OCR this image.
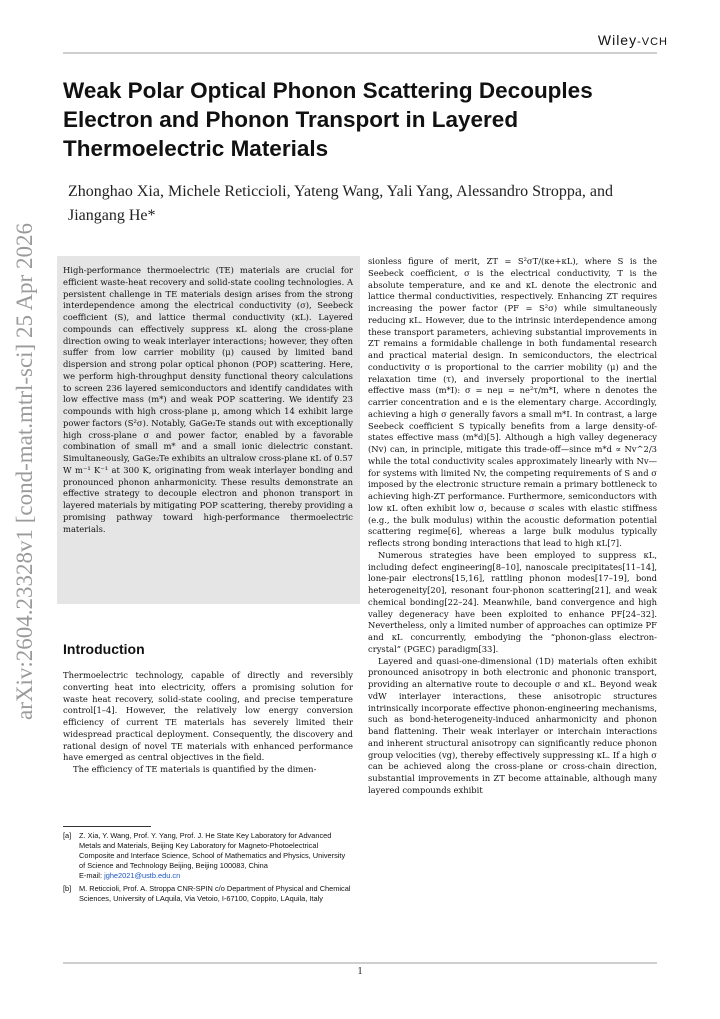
Wiley-VCH
arXiv:2604.23328v1 [cond-mat.mtrl-sci] 25 Apr 2026
Weak Polar Optical Phonon Scattering Decouples Electron and Phonon Transport in Layered Thermoelectric Materials
Zhonghao Xia, Michele Reticcioli, Yateng Wang, Yali Yang, Alessandro Stroppa, and Jiangang He*
High-performance thermoelectric (TE) materials are crucial for efficient waste-heat recovery and solid-state cooling technologies. A persistent challenge in TE materials design arises from the strong interdependence among the electrical conductivity (σ), Seebeck coefficient (S), and lattice thermal conductivity (κL). Layered compounds can effectively suppress κL along the cross-plane direction owing to weak interlayer interactions; however, they often suffer from low carrier mobility (μ) caused by limited band dispersion and strong polar optical phonon (POP) scattering. Here, we perform high-throughput density functional theory calculations to screen 236 layered semiconductors and identify candidates with low effective mass (m*) and weak POP scattering. We identify 23 compounds with high cross-plane μ, among which 14 exhibit large power factors (S²σ). Notably, GaGe₂Te stands out with exceptionally high cross-plane σ and power factor, enabled by a favorable combination of small m* and a small ionic dielectric constant. Simultaneously, GaGe₂Te exhibits an ultralow cross-plane κL of 0.57 W m⁻¹ K⁻¹ at 300 K, originating from weak interlayer bonding and pronounced phonon anharmonicity. These results demonstrate an effective strategy to decouple electron and phonon transport in layered materials by mitigating POP scattering, thereby providing a promising pathway toward high-performance thermoelectric materials.
Introduction

Thermoelectric technology, capable of directly and reversibly converting heat into electricity, offers a promising solution for waste heat recovery, solid-state cooling, and precise temperature control[1–4]. However, the relatively low energy conversion efficiency of current TE materials has severely limited their widespread practical deployment. Consequently, the discovery and rational design of novel TE materials with enhanced performance have emerged as central objectives in the field.

The efficiency of TE materials is quantified by the dimen-

[a] Z. Xia, Y. Wang, Prof. Y. Yang, Prof. J. He State Key Laboratory for Advanced Metals and Materials, Beijing Key Laboratory for Magneto-Photoelectrical Composite and Interface Science, School of Mathematics and Physics, University of Science and Technology Beijing, Beijing 100083, China
E-mail: jghe2021@ustb.edu.cn
[b] M. Reticcioli, Prof. A. Stroppa CNR-SPIN c/o Department of Physical and Chemical Sciences, University of LAquila, Via Vetoio, I-67100, Coppito, LAquila, Italy

sionless figure of merit, ZT = S²σT/(κe+κL), where S is the Seebeck coefficient, σ is the electrical conductivity, T is the absolute temperature, and κe and κL denote the electronic and lattice thermal conductivities, respectively. Enhancing ZT requires increasing the power factor (PF = S²σ) while simultaneously reducing κL. However, due to the intrinsic interdependence among these transport parameters, achieving substantial improvements in ZT remains a formidable challenge in both fundamental research and practical material design. In semiconductors, the electrical conductivity σ is proportional to the carrier mobility (μ) and the relaxation time (τ), and inversely proportional to the inertial effective mass (m*I): σ = neμ = ne²τ/m*I, where n denotes the carrier concentration and e is the elementary charge. Accordingly, achieving a high σ generally favors a small m*I. In contrast, a large Seebeck coefficient S typically benefits from a large density-of-states effective mass (m*d)[5]. Although a high valley degeneracy (Nv) can, in principle, mitigate this trade-off—since m*d ∝ Nv^2/3 while the total conductivity scales approximately linearly with Nv—for systems with limited Nv, the competing requirements of S and σ imposed by the electronic structure remain a primary bottleneck to achieving high-ZT performance. Furthermore, semiconductors with low κL often exhibit low σ, because σ scales with elastic stiffness (e.g., the bulk modulus) within the acoustic deformation potential scattering regime[6], whereas a large bulk modulus typically reflects strong bonding interactions that lead to high κL[7].

Numerous strategies have been employed to suppress κL, including defect engineering[8–10], nanoscale precipitates[11–14], lone-pair electrons[15,16], rattling phonon modes[17–19], bond heterogeneity[20], resonant four-phonon scattering[21], and weak chemical bonding[22–24]. Meanwhile, band convergence and high valley degeneracy have been exploited to enhance PF[24–32]. Nevertheless, only a limited number of approaches can optimize PF and κL concurrently, embodying the “phonon-glass electron-crystal” (PGEC) paradigm[33].

Layered and quasi-one-dimensional (1D) materials often exhibit pronounced anisotropy in both electronic and phononic transport, providing an alternative route to decouple σ and κL. Beyond weak vdW interlayer interactions, these anisotropic structures intrinsically incorporate effective phonon-engineering mechanisms, such as bond-heterogeneity-induced anharmonicity and phonon band flattening. Their weak interlayer or interchain interactions and inherent structural anisotropy can significantly reduce phonon group velocities (vg), thereby effectively suppressing κL. If a high σ can be achieved along the cross-plane or cross-chain direction, substantial improvements in ZT become attainable, although many layered compounds exhibit

1
